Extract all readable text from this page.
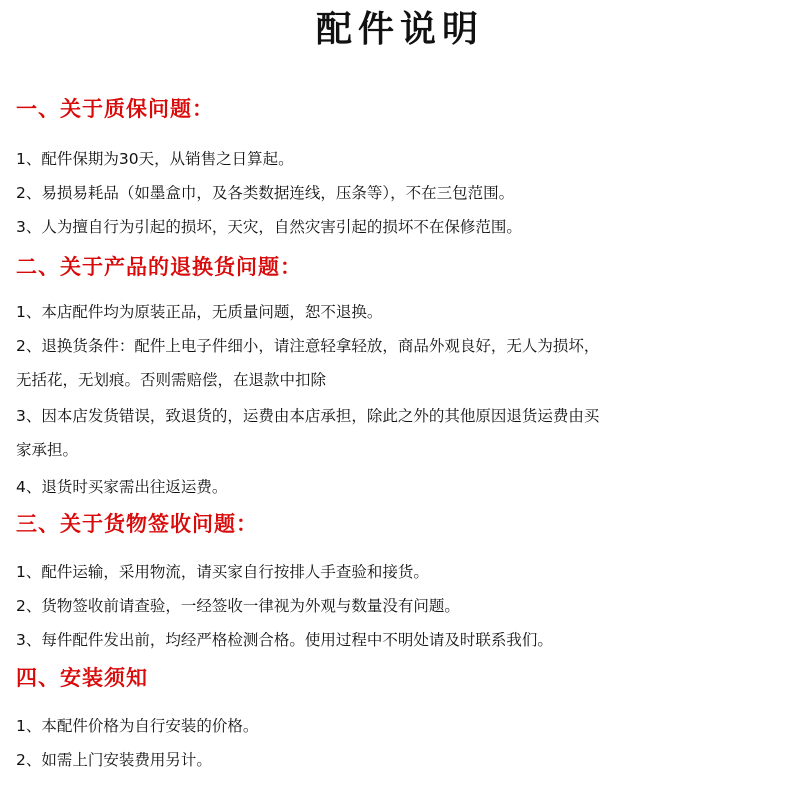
配件说明
一、关于质保问题：
1、配件保期为30天，从销售之日算起。
2、易损易耗品（如墨盒巾，及各类数据连线，压条等），不在三包范围。
3、人为擅自行为引起的损坏，天灾，自然灾害引起的损坏不在保修范围。
二、关于产品的退换货问题：
1、本店配件均为原装正品，无质量问题，恕不退换。
2、退换货条件：配件上电子件细小，请注意轻拿轻放，商品外观良好，无人为损坏，
无括花，无划痕。否则需赔偿，在退款中扣除
3、因本店发货错误，致退货的，运费由本店承担，除此之外的其他原因退货运费由买
家承担。
4、退货时买家需出往返运费。
三、关于货物签收问题：
1、配件运输，采用物流，请买家自行按排人手查验和接货。
2、货物签收前请查验，一经签收一律视为外观与数量没有问题。
3、每件配件发出前，均经严格检测合格。使用过程中不明处请及时联系我们。
四、安装须知
1、本配件价格为自行安装的价格。
2、如需上门安装费用另计。
